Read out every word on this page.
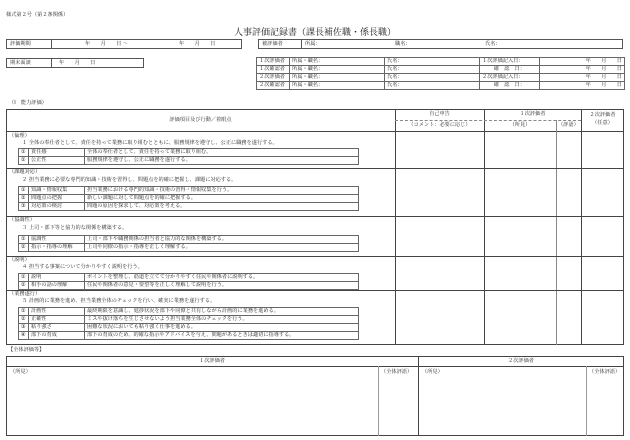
様式第２号（第２条関係）
人事評価記録書（課長補佐職・係長職）
評価期間	年　　月　　日 ～	年　　月　　日	被評価者	所属：	職名：	氏名：
期末面談	年　　月　　日	１次評価者	所属・職名：	氏名：	１次評価記入日：	年　　月　　日
１次確認者	所属・職名：	氏名：	確　認　日：	年　　月　　日
２次評価者	所属・職名：	氏名：	２次評価記入日：	年　　月　　日
２次確認者	所属・職名：	氏名：	確　認　日：	年　　月　　日
（Ⅰ　能力評価）
評価項目及び行動／着眼点
自己申告
（コメント：必要に応じ）
１次評価者
（所見）	（評語）
２次評価者
（任意）
（倫理）
１ 全体の奉仕者として、責任を持って業務に取り組むとともに、服務規律を遵守し、公正に職務を遂行する。
①	責任感	全体の奉仕者として、責任を持って業務に取り組む。
②	公正性	服務規律を遵守し、公正に職務を遂行する。
（課題対応）
２ 担当業務に必要な専門的知識・技術を習得し、問題点を的確に把握し、課題に対応する。
①	知識・情報収集	担当業務における専門的知識・技術の習得・情報収集を行う。
②	問題点の把握	新しい課題に対して問題点を的確に把握する。
③	対応策の検討	問題の原因を探求して、対応策を考える。
（協調性）
３ 上司・部下等と協力的な関係を構築する。
①	協調性	上司・部下や職務関係の担当者と協力的な関係を構築する。
②	指示・指導の理解	上司や同僚の指示・指導を正しく理解する。
（説明）
４ 担当する事案について分かりやすく説明を行う。
①	説明	ポイントを整理し、筋道を立てて分かりやすく住民や関係者に説明する。
②	相手の話の理解	住民や関係者の意見・要望等を正しく理解して説明を行う。
（業務遂行）
５ 計画的に業務を進め、担当業務全体のチェックを行い、確実に業務を遂行する。
①	計画性	最終期限を意識し、進捗状況を部下や同僚と共有しながら計画的に業務を進める。
②	正確性	ミスや抜け落ちを生じさせないよう担当業務全体のチェックを行う。
③	粘り強さ	困難な状況においても粘り強く仕事を進める。
④	部下の育成	部下の育成のため、的確な指示やアドバイスを与え、問題があるときは適切に指導する。
【全体評価等】
１次評価者	２次評価者
（所見）	（全体評語） （所見）	（全体評語）
